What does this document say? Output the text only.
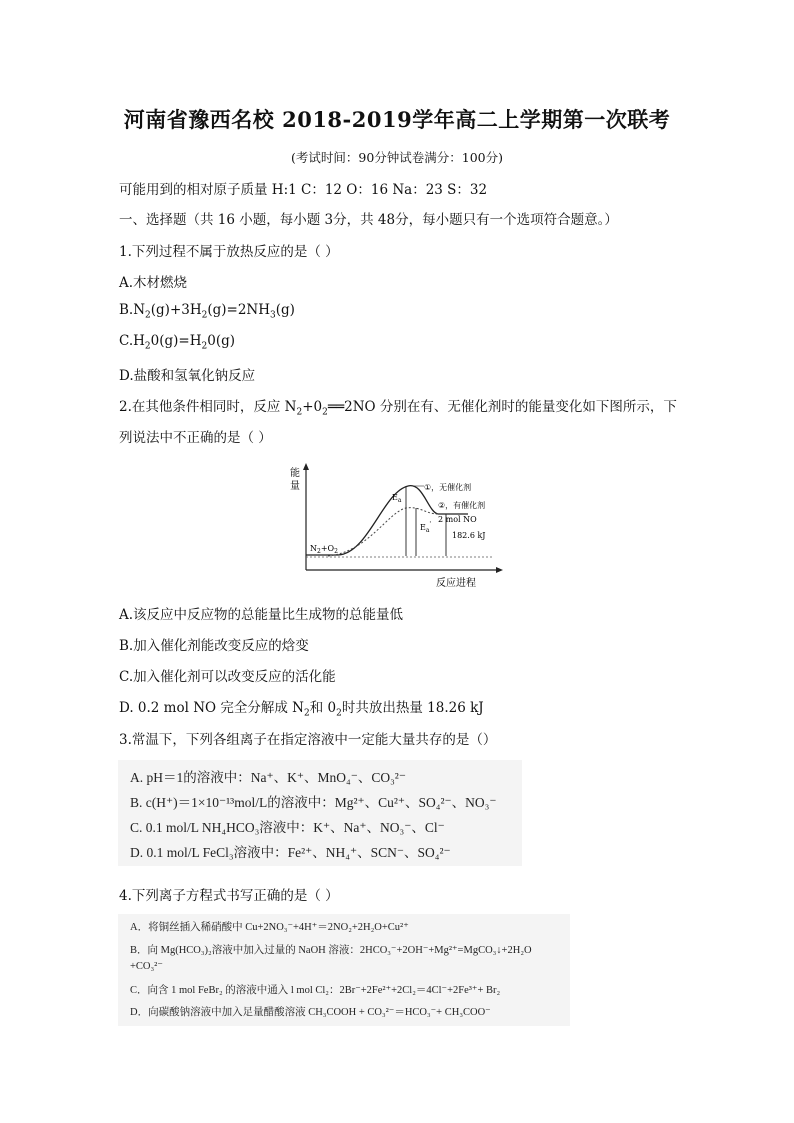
河南省豫西名校 2018-2019学年高二上学期第一次联考
(考试时间：90分钟试卷满分：100分)
可能用到的相对原子质量 H:1 C：12 O：16 Na：23 S：32
一、选择题（共 16 小题，每小题 3分，共 48分，每小题只有一个选项符合题意。）
1.下列过程不属于放热反应的是（ ）
A.木材燃烧
$B.N_2(g)+3H_2(g)=2NH_3(g)$
$C.H_20(g)=H_20(g)$
D.盐酸和氢氧化钠反应
2.在其他条件相同时，反应 $N_2+0_2══2NO$ 分别在有、无催化剂时的能量变化如下图所示，下
列说法中不正确的是（ ）
能
量
反应进程
$E_a$
$E_a'$
①，无催化剂
②，有催化剂
2 mol NO
182.6 kJ
$N_2+O_2$
A.该反应中反应物的总能量比生成物的总能量低
B.加入催化剂能改变反应的焓变
C.加入催化剂可以改变反应的活化能
D. 0.2 mol NO 完全分解成 $N_2$和 $0_2$时共放出热量 18.26 kJ
3.常温下，下列各组离子在指定溶液中一定能大量共存的是（）
A. pH＝1的溶液中：Na⁺、K⁺、MnO₄⁻、CO₃²⁻
B. c(H⁺)＝1×10⁻¹³mol/L的溶液中：Mg²⁺、Cu²⁺、SO₄²⁻、NO₃⁻
C. 0.1 mol/L NH₄HCO₃溶液中：K⁺、Na⁺、NO₃⁻、Cl⁻
D. 0.1 mol/L FeCl₃溶液中：Fe²⁺、NH₄⁺、SCN⁻、SO₄²⁻
4.下列离子方程式书写正确的是（ ）
A．将铜丝插入稀硝酸中 Cu+2NO₃⁻+4H⁺＝2NO₂+2H₂O+Cu²⁺
B．向 Mg(HCO₃)₂溶液中加入过量的 NaOH 溶液：2HCO₃⁻+2OH⁻+Mg²⁺=MgCO₃↓+2H₂O
+CO₃²⁻
C．向含 1 mol FeBr₂ 的溶液中通入 l mol Cl₂：2Br⁻+2Fe²⁺+2Cl₂＝4Cl⁻+2Fe³⁺+ Br₂
D．向碳酸钠溶液中加入足量醋酸溶液 CH₃COOH + CO₃²⁻＝HCO₃⁻+ CH₃COO⁻
